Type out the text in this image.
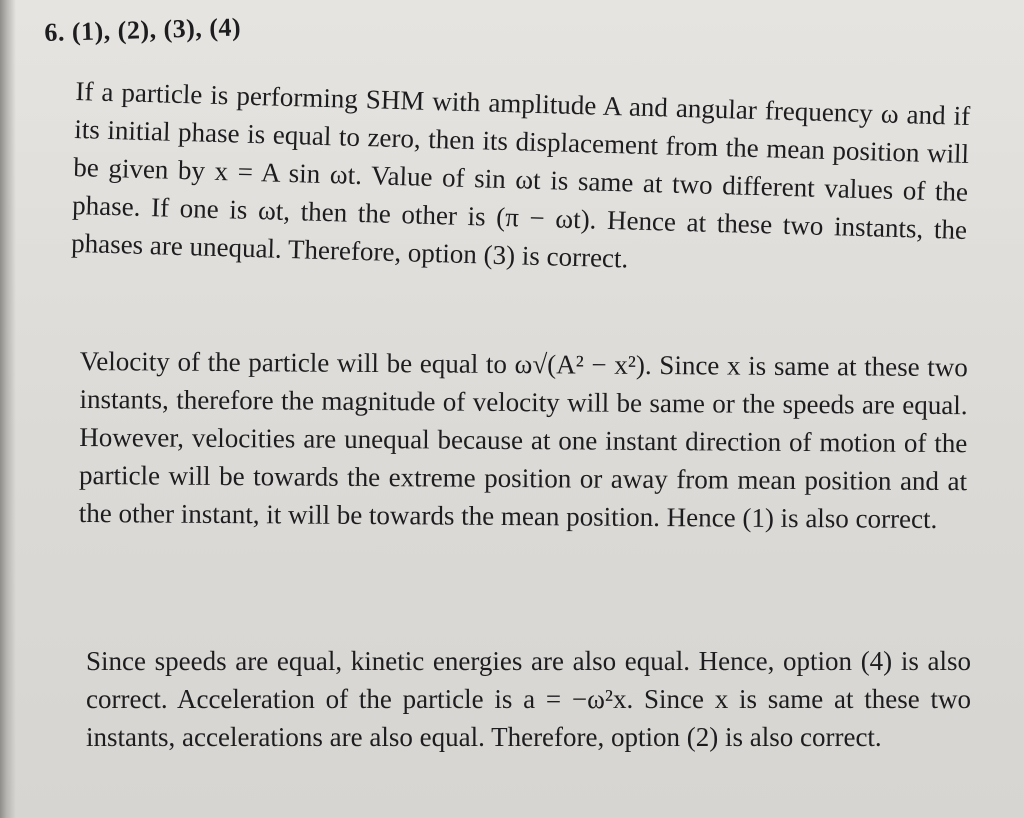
6. (1), (2), (3), (4)

If a particle is performing SHM with amplitude A and angular frequency ω and if its initial phase is equal to zero, then its displacement from the mean position will be given by x = A sin ωt. Value of sin ωt is same at two different values of the phase. If one is ωt, then the other is (π − ωt). Hence at these two instants, the phases are unequal. Therefore, option (3) is correct.

Velocity of the particle will be equal to ω√(A² − x²). Since x is same at these two instants, therefore the magnitude of velocity will be same or the speeds are equal. However, velocities are unequal because at one instant direction of motion of the particle will be towards the extreme position or away from mean position and at the other instant, it will be towards the mean position. Hence (1) is also correct.

Since speeds are equal, kinetic energies are also equal. Hence, option (4) is also correct. Acceleration of the particle is a = −ω²x. Since x is same at these two instants, accelerations are also equal. Therefore, option (2) is also correct.
